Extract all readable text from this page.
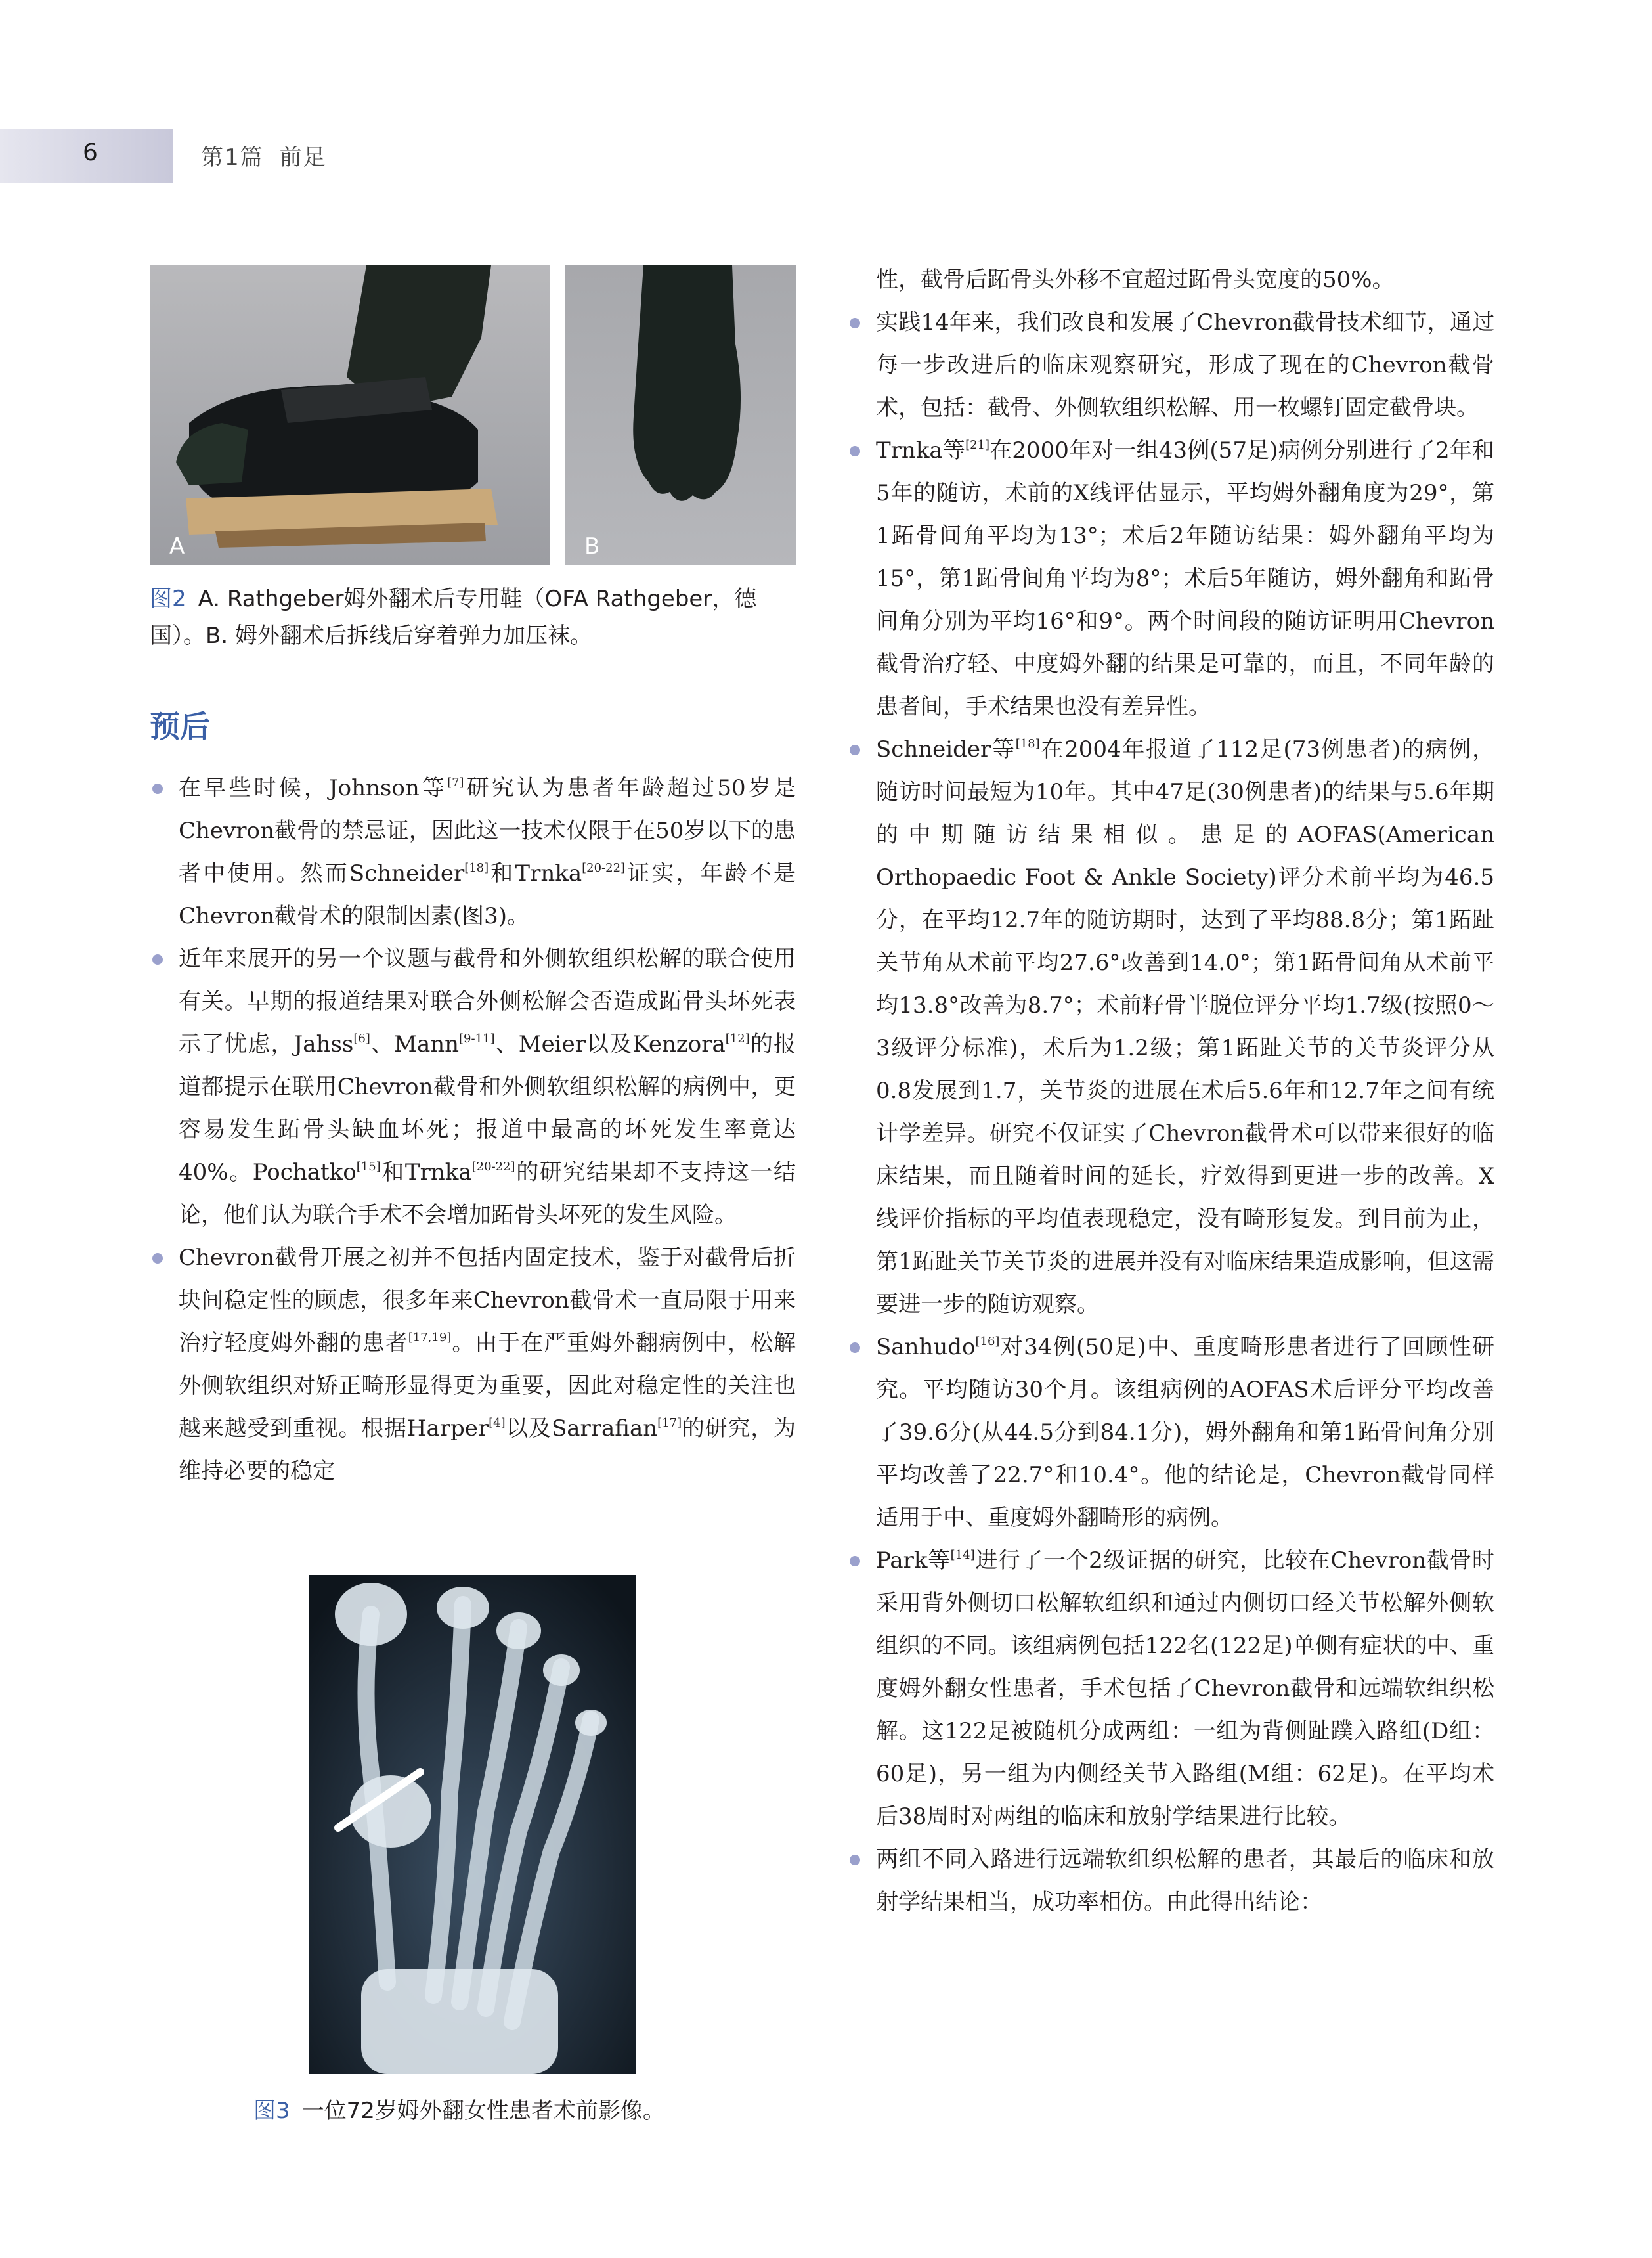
6	第1篇 前足
A	B
图2 A. Rathgeber姆外翻术后专用鞋（OFA Rathgeber，德国）。B. 姆外翻术后拆线后穿着弹力加压袜。
预后

在早些时候，Johnson等[7]研究认为患者年龄超过50岁是Chevron截骨的禁忌证，因此这一技术仅限于在50岁以下的患者中使用。然而Schneider[18]和Trnka[20-22]证实，年龄不是Chevron截骨术的限制因素(图3)。

近年来展开的另一个议题与截骨和外侧软组织松解的联合使用有关。早期的报道结果对联合外侧松解会否造成跖骨头坏死表示了忧虑，Jahss[6]、Mann[9-11]、Meier以及Kenzora[12]的报道都提示在联用Chevron截骨和外侧软组织松解的病例中，更容易发生跖骨头缺血坏死；报道中最高的坏死发生率竟达40%。Pochatko[15]和Trnka[20-22]的研究结果却不支持这一结论，他们认为联合手术不会增加跖骨头坏死的发生风险。

Chevron截骨开展之初并不包括内固定技术，鉴于对截骨后折块间稳定性的顾虑，很多年来Chevron截骨术一直局限于用来治疗轻度姆外翻的患者[17,19]。由于在严重姆外翻病例中，松解外侧软组织对矫正畸形显得更为重要，因此对稳定性的关注也越来越受到重视。根据Harper[4]以及Sarrafian[17]的研究，为维持必要的稳定

图3 一位72岁姆外翻女性患者术前影像。

性，截骨后跖骨头外移不宜超过跖骨头宽度的50%。

实践14年来，我们改良和发展了Chevron截骨技术细节，通过每一步改进后的临床观察研究，形成了现在的Chevron截骨术，包括：截骨、外侧软组织松解、用一枚螺钉固定截骨块。

Trnka等[21]在2000年对一组43例(57足)病例分别进行了2年和5年的随访，术前的X线评估显示，平均姆外翻角度为29°，第1跖骨间角平均为13°；术后2年随访结果：姆外翻角平均为15°，第1跖骨间角平均为8°；术后5年随访，姆外翻角和跖骨间角分别为平均16°和9°。两个时间段的随访证明用Chevron截骨治疗轻、中度姆外翻的结果是可靠的，而且，不同年龄的患者间，手术结果也没有差异性。

Schneider等[18]在2004年报道了112足(73例患者)的病例，随访时间最短为10年。其中47足(30例患者)的结果与5.6年期的中期随访结果相似。患足的AOFAS(American Orthopaedic Foot & Ankle Society)评分术前平均为46.5分，在平均12.7年的随访期时，达到了平均88.8分；第1跖趾关节角从术前平均27.6°改善到14.0°；第1跖骨间角从术前平均13.8°改善为8.7°；术前籽骨半脱位评分平均1.7级(按照0～3级评分标准)，术后为1.2级；第1跖趾关节的关节炎评分从0.8发展到1.7，关节炎的进展在术后5.6年和12.7年之间有统计学差异。研究不仅证实了Chevron截骨术可以带来很好的临床结果，而且随着时间的延长，疗效得到更进一步的改善。X线评价指标的平均值表现稳定，没有畸形复发。到目前为止，第1跖趾关节关节炎的进展并没有对临床结果造成影响，但这需要进一步的随访观察。

Sanhudo[16]对34例(50足)中、重度畸形患者进行了回顾性研究。平均随访30个月。该组病例的AOFAS术后评分平均改善了39.6分(从44.5分到84.1分)，姆外翻角和第1跖骨间角分别平均改善了22.7°和10.4°。他的结论是，Chevron截骨同样适用于中、重度姆外翻畸形的病例。

Park等[14]进行了一个2级证据的研究，比较在Chevron截骨时采用背外侧切口松解软组织和通过内侧切口经关节松解外侧软组织的不同。该组病例包括122名(122足)单侧有症状的中、重度姆外翻女性患者，手术包括了Chevron截骨和远端软组织松解。这122足被随机分成两组：一组为背侧趾蹼入路组(D组：60足)，另一组为内侧经关节入路组(M组：62足)。在平均术后38周时对两组的临床和放射学结果进行比较。

两组不同入路进行远端软组织松解的患者，其最后的临床和放射学结果相当，成功率相仿。由此得出结论：
